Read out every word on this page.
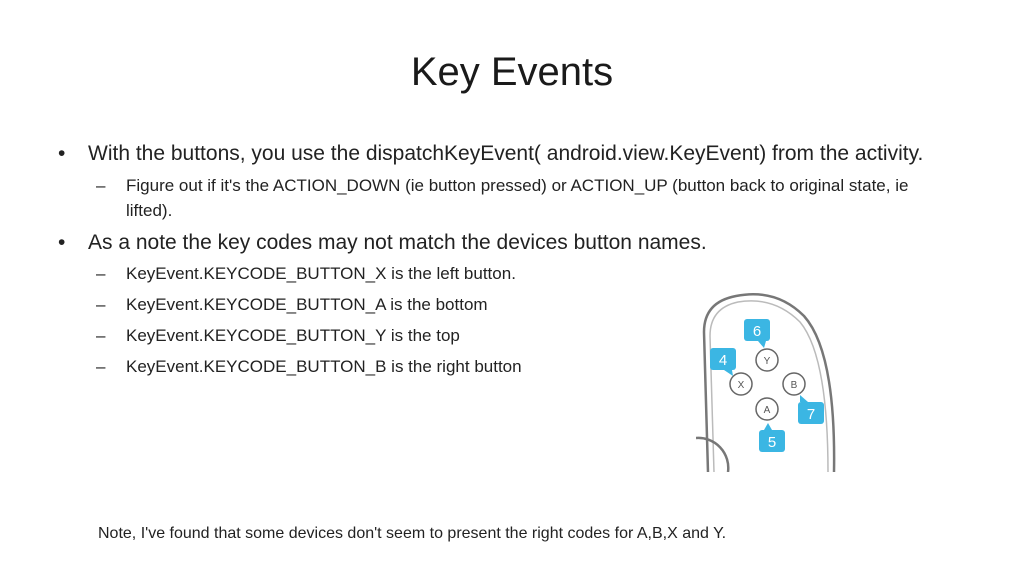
Key Events
• With the buttons, you use the dispatchKeyEvent( android.view.KeyEvent) from the activity.
– Figure out if it's the ACTION_DOWN (ie button pressed) or ACTION_UP (button back to original state, ie lifted).
• As a note the key codes may not match the devices button names.
– KeyEvent.KEYCODE_BUTTON_X is the left button.
– KeyEvent.KEYCODE_BUTTON_A is the bottom
– KeyEvent.KEYCODE_BUTTON_Y is the top
– KeyEvent.KEYCODE_BUTTON_B is the right button	Y
X	B
A
6
4
7
5
Note, I've found that some devices don't seem to present the right codes for A,B,X and Y.
